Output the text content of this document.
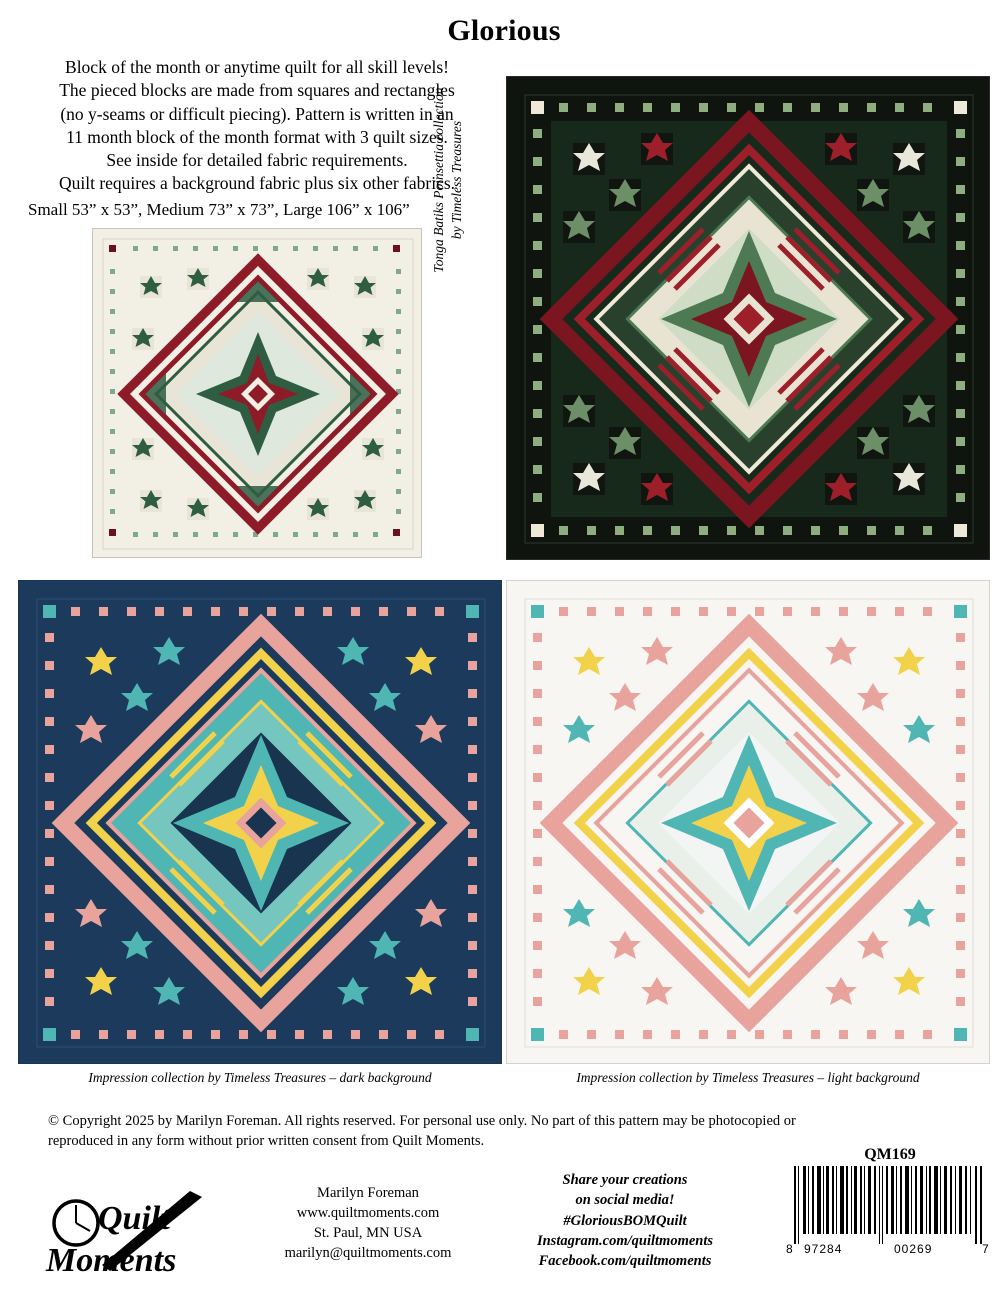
Glorious
Block of the month or anytime quilt for all skill levels!
The pieced blocks are made from squares and rectangles
(no y-seams or difficult piecing). Pattern is written in an
11 month block of the month format with 3 quilt sizes.
See inside for detailed fabric requirements.
Quilt requires a background fabric plus six other fabrics.
Small 53” x 53”, Medium 73” x 73”, Large 106” x 106”	Tonga Batiks Poinsettia collection by Timeless Treasures
Impression collection by Timeless Treasures – dark background	Impression collection by Timeless Treasures – light background
© Copyright 2025 by Marilyn Foreman. All rights reserved. For personal use only. No part of this pattern may be photocopied or
reproduced in any form without prior written consent from Quilt Moments.
Quilt
Moments
Marilyn Foreman
www.quiltmoments.com
St. Paul, MN USA
marilyn@quiltmoments.com
Share your creations
on social media!
#GloriousBOMQuilt
Instagram.com/quiltmoments
Facebook.com/quiltmoments
QM169
8 97284	00269	7
